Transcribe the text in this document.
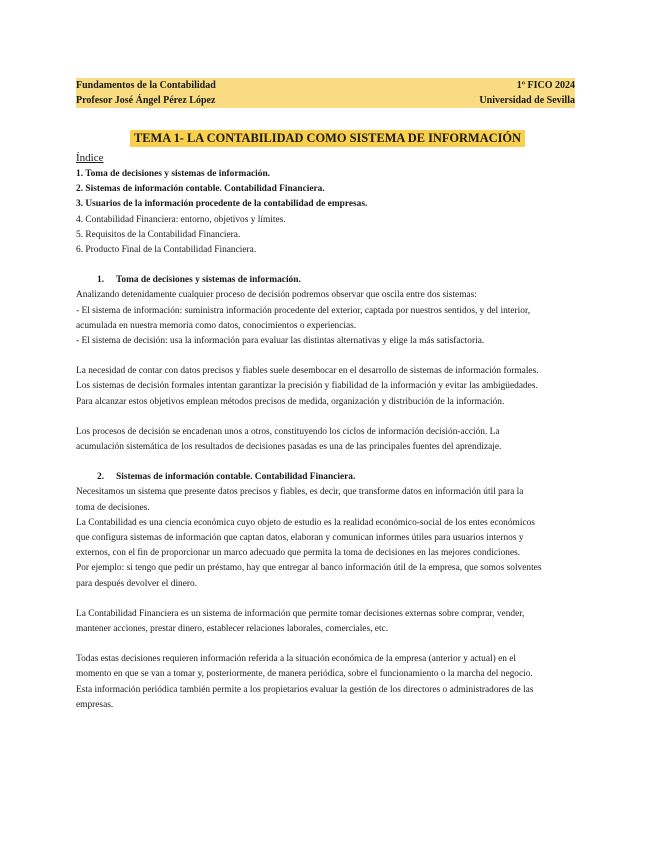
Fundamentos de la Contabilidad	1º FICO 2024
Profesor José Ángel Pérez López	Universidad de Sevilla
TEMA 1- LA CONTABILIDAD COMO SISTEMA DE INFORMACIÓN

Índice

1. Toma de decisiones y sistemas de información.

2. Sistemas de información contable. Contabilidad Financiera.

3. Usuarios de la información procedente de la contabilidad de empresas.

4. Contabilidad Financiera: entorno, objetivos y límites.

5. Requisitos de la Contabilidad Financiera.

6. Producto Final de la Contabilidad Financiera.

1. Toma de decisiones y sistemas de información.

Analizando detenidamente cualquier proceso de decisión podremos observar que oscila entre dos sistemas:

- El sistema de información: suministra información procedente del exterior, captada por nuestros sentidos, y del interior,

acumulada en nuestra memoria como datos, conocimientos o experiencias.

- El sistema de decisión: usa la información para evaluar las distintas alternativas y elige la más satisfactoria.

La necesidad de contar con datos precisos y fiables suele desembocar en el desarrollo de sistemas de información formales.

Los sistemas de decisión formales intentan garantizar la precisión y fiabilidad de la información y evitar las ambigüedades.

Para alcanzar estos objetivos emplean métodos precisos de medida, organización y distribución de la información.

Los procesos de decisión se encadenan unos a otros, constituyendo los ciclos de información decisión-acción. La

acumulación sistemática de los resultados de decisiones pasadas es una de las principales fuentes del aprendizaje.

2. Sistemas de información contable. Contabilidad Financiera.

Necesitamos un sistema que presente datos precisos y fiables, es decir, que transforme datos en información útil para la

toma de decisiones.

La Contabilidad es una ciencia económica cuyo objeto de estudio es la realidad económico-social de los entes económicos

que configura sistemas de información que captan datos, elaboran y comunican informes útiles para usuarios internos y

externos, con el fin de proporcionar un marco adecuado que permita la toma de decisiones en las mejores condiciones.

Por ejemplo: si tengo que pedir un préstamo, hay que entregar al banco información útil de la empresa, que somos solventes

para después devolver el dinero.

La Contabilidad Financiera es un sistema de información que permite tomar decisiones externas sobre comprar, vender,

mantener acciones, prestar dinero, establecer relaciones laborales, comerciales, etc.

Todas estas decisiones requieren información referida a la situación económica de la empresa (anterior y actual) en el

momento en que se van a tomar y, posteriormente, de manera periódica, sobre el funcionamiento o la marcha del negocio.

Esta información periódica también permite a los propietarios evaluar la gestión de los directores o administradores de las

empresas.
